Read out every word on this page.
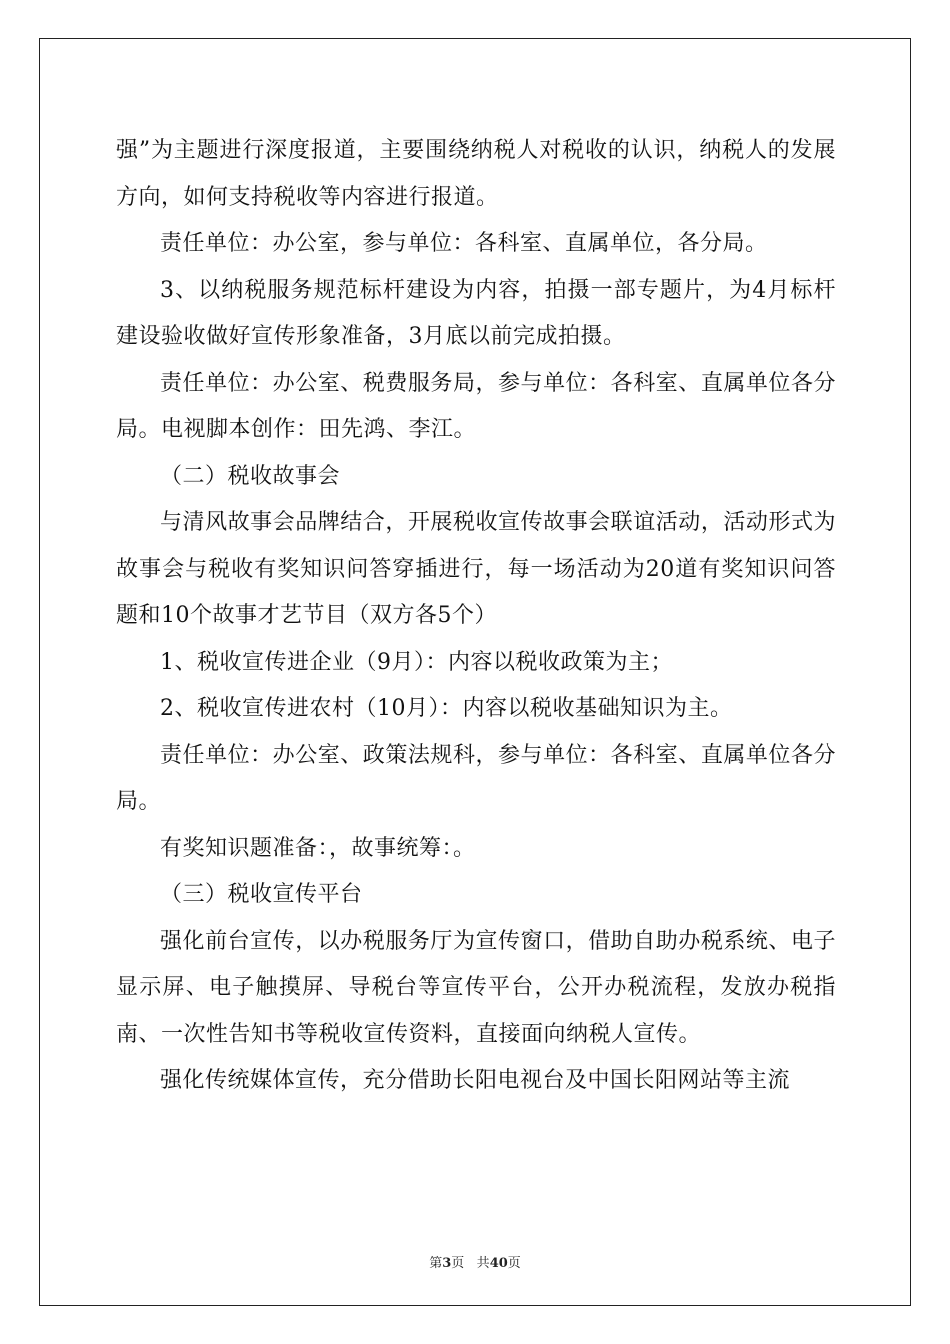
强”为主题进行深度报道，主要围绕纳税人对税收的认识，纳税人的发展方向，如何支持税收等内容进行报道。

责任单位：办公室，参与单位：各科室、直属单位，各分局。

3、以纳税服务规范标杆建设为内容，拍摄一部专题片，为4月标杆建设验收做好宣传形象准备，3月底以前完成拍摄。

责任单位：办公室、税费服务局，参与单位：各科室、直属单位各分局。电视脚本创作：田先鸿、李江。

（二）税收故事会

与清风故事会品牌结合，开展税收宣传故事会联谊活动，活动形式为故事会与税收有奖知识问答穿插进行，每一场活动为20道有奖知识问答题和10个故事才艺节目（双方各5个）

1、税收宣传进企业（9月）：内容以税收政策为主；

2、税收宣传进农村（10月）：内容以税收基础知识为主。

责任单位：办公室、政策法规科，参与单位：各科室、直属单位各分局。

有奖知识题准备：，故事统筹：。

（三）税收宣传平台

强化前台宣传，以办税服务厅为宣传窗口，借助自助办税系统、电子显示屏、电子触摸屏、导税台等宣传平台，公开办税流程，发放办税指南、一次性告知书等税收宣传资料，直接面向纳税人宣传。

强化传统媒体宣传，充分借助长阳电视台及中国长阳网站等主流

第3页 共40页
